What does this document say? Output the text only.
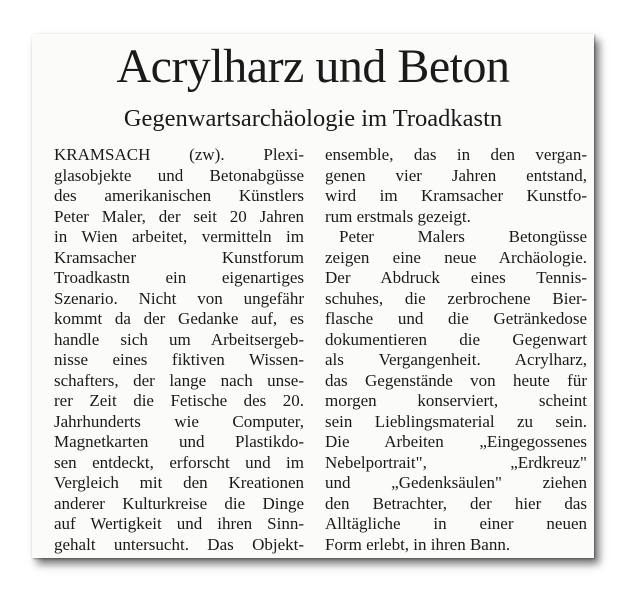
Acrylharz und Beton
Gegenwartsarchäologie im Troadkastn
KRAMSACH (zw). Plexi-
glasobjekte und Betonabgüsse
des amerikanischen Künstlers
Peter Maler, der seit 20 Jahren
in Wien arbeitet, vermitteln im
Kramsacher Kunstforum
Troadkastn ein eigenartiges
Szenario. Nicht von ungefähr
kommt da der Gedanke auf, es
handle sich um Arbeitsergeb-
nisse eines fiktiven Wissen-
schafters, der lange nach unse-
rer Zeit die Fetische des 20.
Jahrhunderts wie Computer,
Magnetkarten und Plastikdo-
sen entdeckt, erforscht und im
Vergleich mit den Kreationen
anderer Kulturkreise die Dinge
auf Wertigkeit und ihren Sinn-
gehalt untersucht. Das Objekt-
ensemble, das in den vergan-
genen vier Jahren entstand,
wird im Kramsacher Kunstfo-
rum erstmals gezeigt.
Peter Malers Betongüsse
zeigen eine neue Archäologie.
Der Abdruck eines Tennis-
schuhes, die zerbrochene Bier-
flasche und die Getränkedose
dokumentieren die Gegenwart
als Vergangenheit. Acrylharz,
das Gegenstände von heute für
morgen konserviert, scheint
sein Lieblingsmaterial zu sein.
Die Arbeiten „Eingegossenes
Nebelportrait", „Erdkreuz"
und „Gedenksäulen" ziehen
den Betrachter, der hier das
Alltägliche in einer neuen
Form erlebt, in ihren Bann.
